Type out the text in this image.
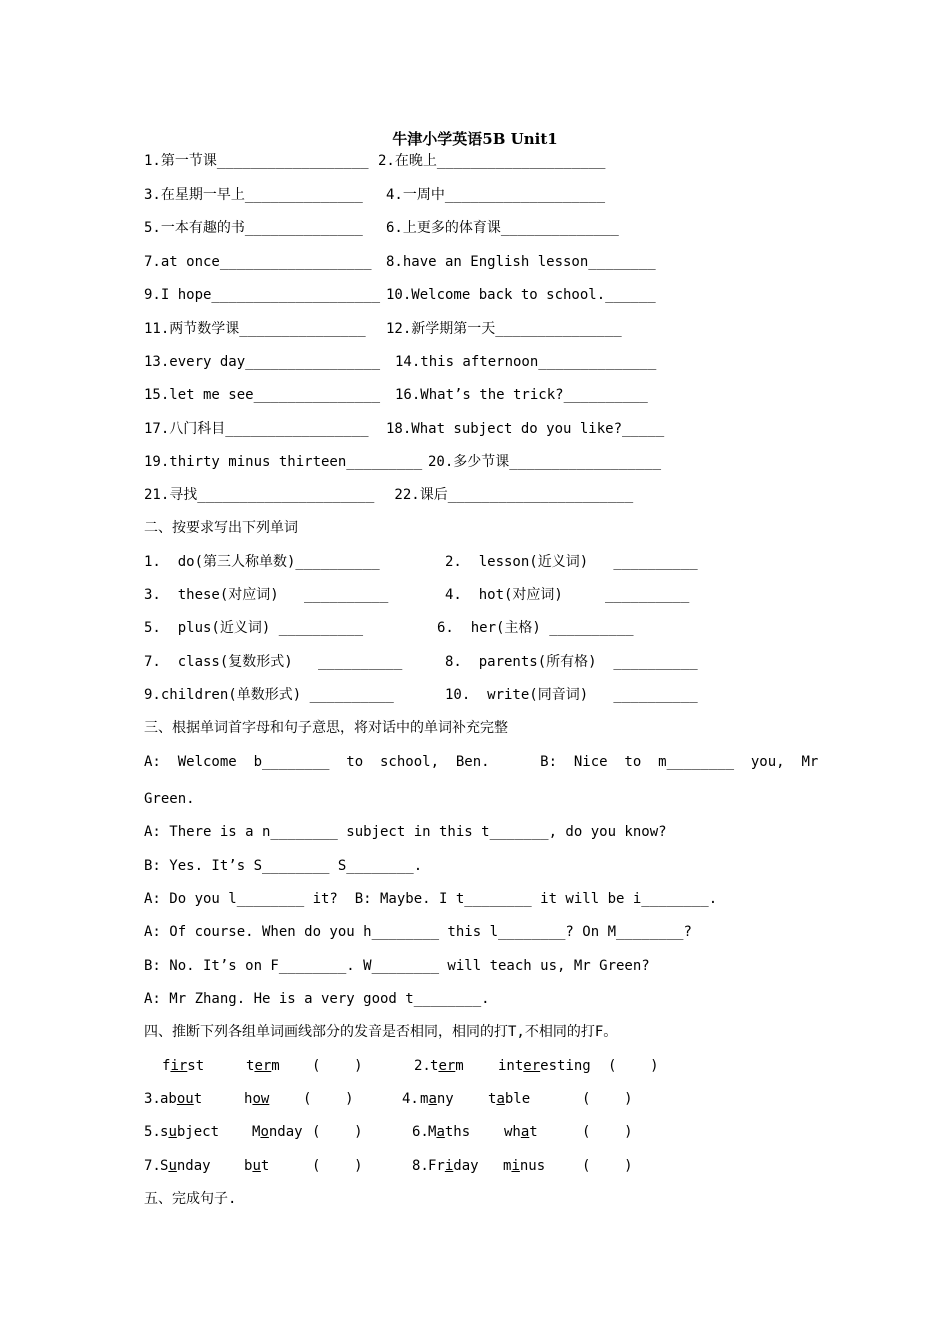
牛津小学英语5B Unit1
1.第一节课__________________ 2.在晚上____________________
3.在星期一早上______________ 4.一周中___________________
5.一本有趣的书______________ 6.上更多的体育课______________
7.at once__________________ 8.have an English lesson________
9.I hope____________________ 10.Welcome back to school.______
11.两节数学课_______________ 12.新学期第一天_______________
13.every day________________ 14.this afternoon______________
15.let me see_______________ 16.What’s the trick?__________
17.八门科目_________________ 18.What subject do you like?_____
19.thirty minus thirteen_________ 20.多少节课__________________
21.寻找_____________________ 22.课后______________________
二、按要求写出下列单词
1.  do(第三人称单数)__________	2.  lesson(近义词)   __________
3.  these(对应词)   __________	4.  hot(对应词)     __________
5.  plus(近义词) __________	6.  her(主格) __________
7.  class(复数形式)   __________	8.  parents(所有格)  __________
9.children(单数形式) __________	10.  write(同音词)   __________
三、根据单词首字母和句子意思，将对话中的单词补充完整
A:  Welcome  b________  to  school,  Ben.      B:  Nice  to  m________  you,  Mr
Green.
A: There is a n________ subject in this t_______, do you know?
B: Yes. It’s S________ S________.
A: Do you l________ it?  B: Maybe. I t________ it will be i________.
A: Of course. When do you h________ this l________? On M________?
B: No. It’s on F________. W________ will teach us, Mr Green?
A: Mr Zhang. He is a very good t________.
四、推断下列各组单词画线部分的发音是否相同，相同的打T,不相同的打F。

first	term (    )	2. term interesting (    )
3. about	how (    )	4. many table	(    )
5. subject Monday (    )	6. Maths what	(    )
7. Sunday but	(    )	8. Friday minus	(    )
五、完成句子.
